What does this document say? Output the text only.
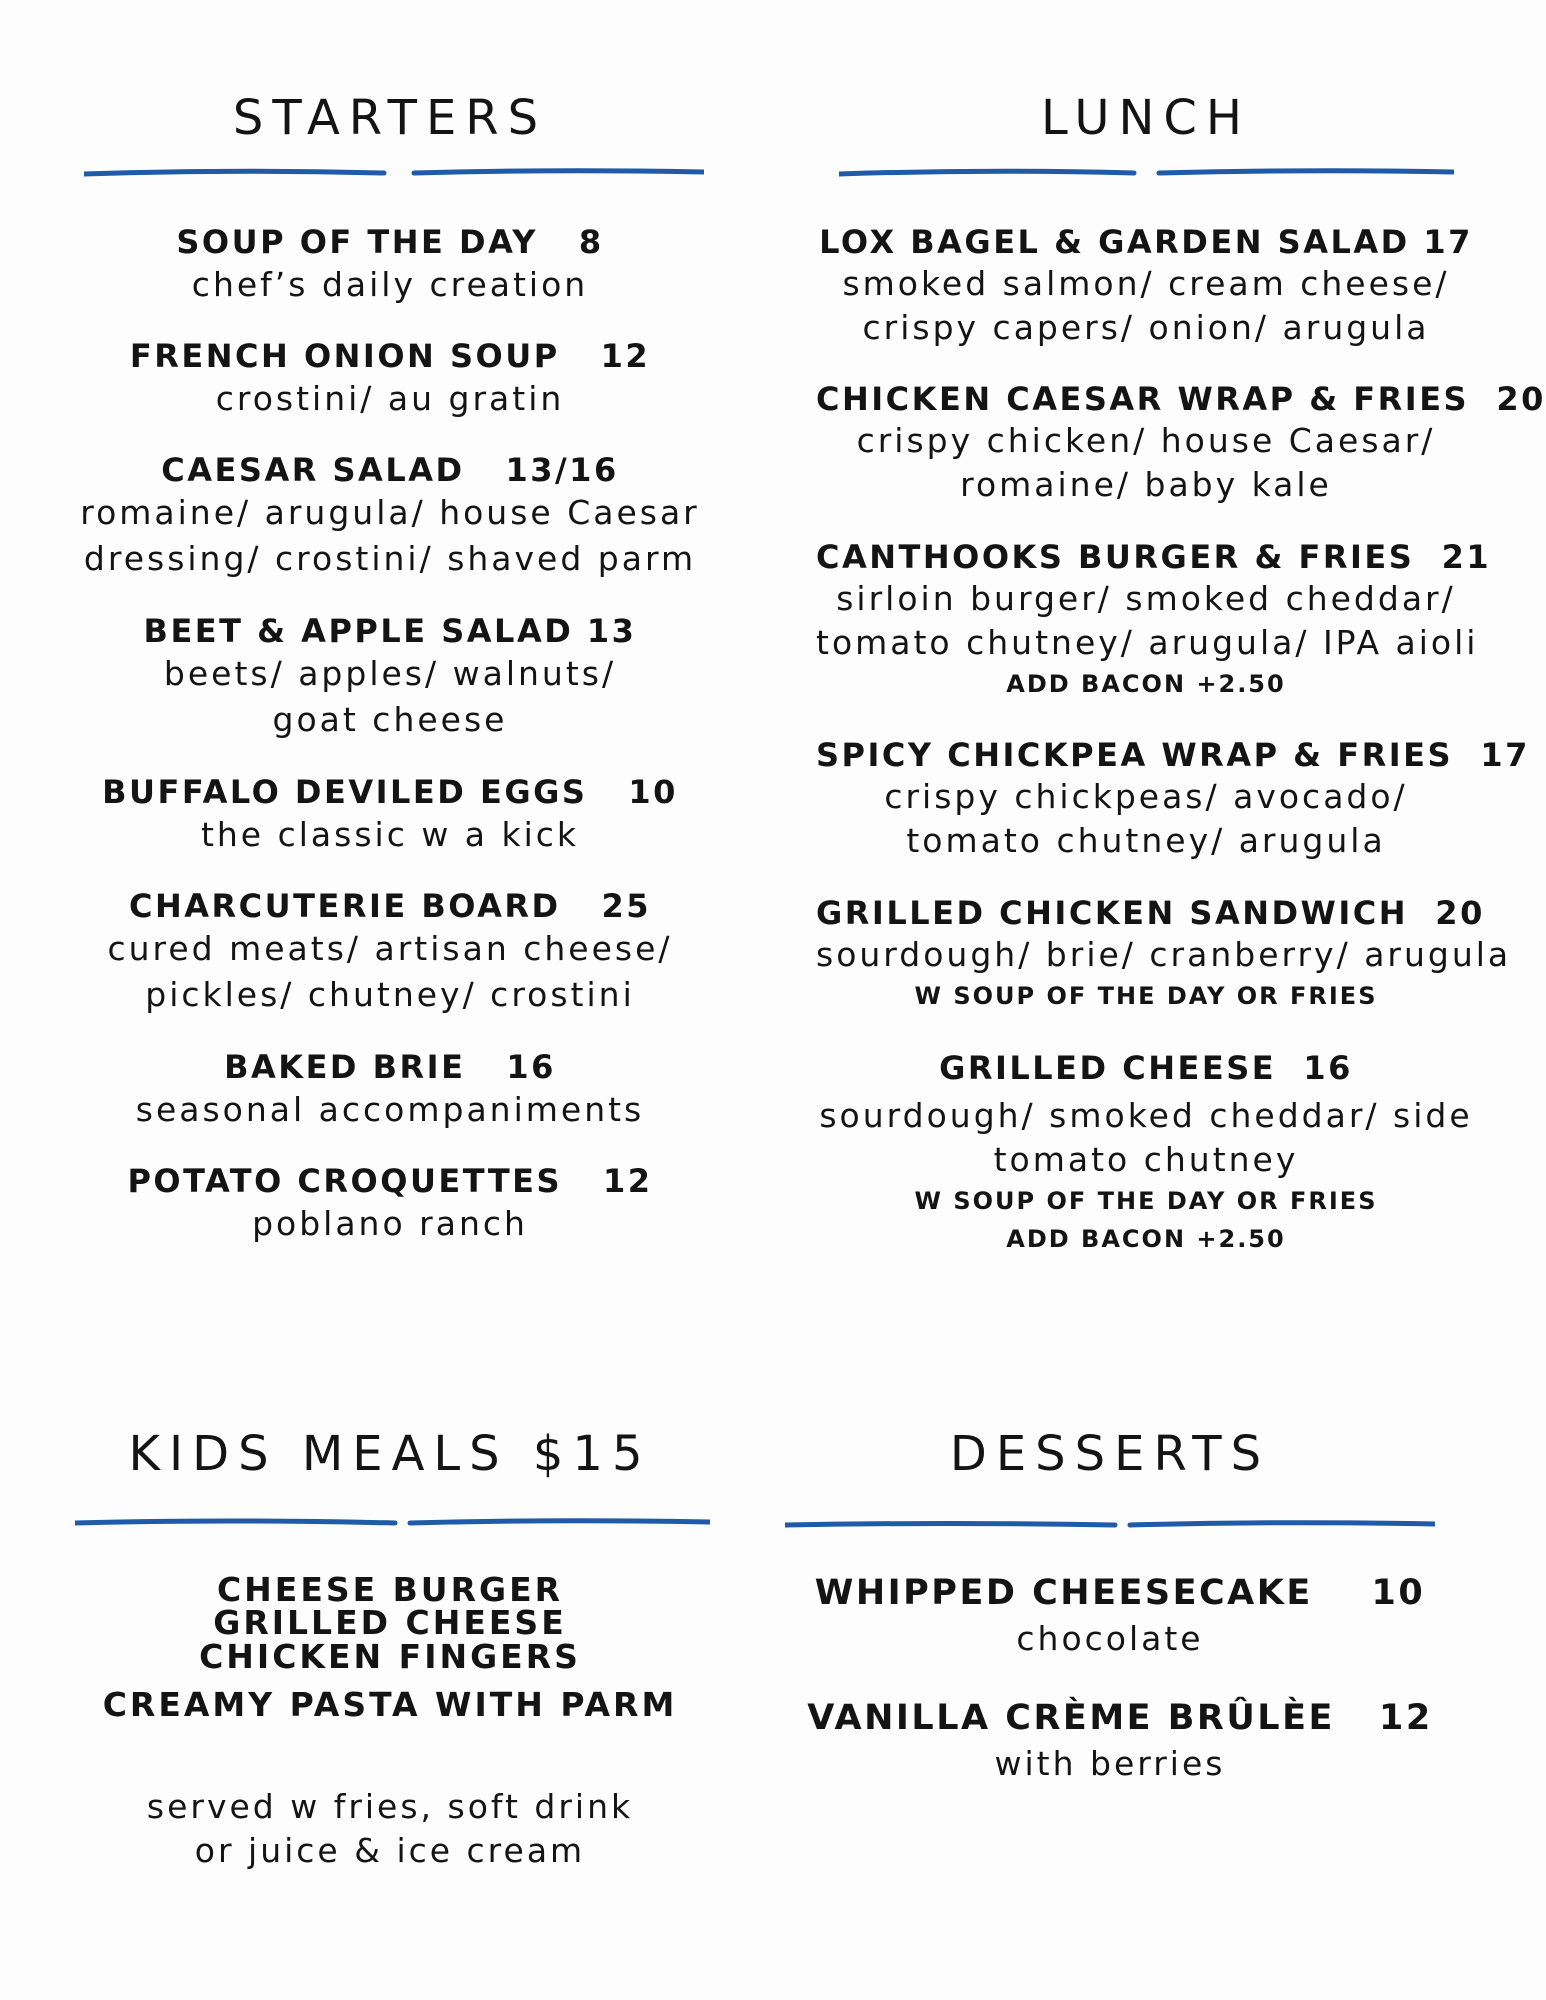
STARTERS
SOUP OF THE DAY   8
chef’s daily creation
FRENCH ONION SOUP   12
crostini/ au gratin
CAESAR SALAD   13/16
romaine/ arugula/ house Caesar
dressing/ crostini/ shaved parm
BEET & APPLE SALAD 13
beets/ apples/ walnuts/
goat cheese
BUFFALO DEVILED EGGS   10
the classic w a kick
CHARCUTERIE BOARD   25
cured meats/ artisan cheese/
pickles/ chutney/ crostini
BAKED BRIE   16
seasonal accompaniments
POTATO CROQUETTES   12
poblano ranch
LUNCH
LOX BAGEL & GARDEN SALAD 17
smoked salmon/ cream cheese/
crispy capers/ onion/ arugula
CHICKEN CAESAR WRAP & FRIES  20
crispy chicken/ house Caesar/
romaine/ baby kale
CANTHOOKS BURGER & FRIES  21
sirloin burger/ smoked cheddar/
tomato chutney/ arugula/ IPA aioli
ADD BACON +2.50
SPICY CHICKPEA WRAP & FRIES  17
crispy chickpeas/ avocado/
tomato chutney/ arugula
GRILLED CHICKEN SANDWICH  20
sourdough/ brie/ cranberry/ arugula
W SOUP OF THE DAY OR FRIES
GRILLED CHEESE  16
sourdough/ smoked cheddar/ side
tomato chutney
W SOUP OF THE DAY OR FRIES
ADD BACON +2.50
KIDS MEALS $15
CHEESE BURGER
GRILLED CHEESE
CHICKEN FINGERS
CREAMY PASTA WITH PARM
served w fries, soft drink
or juice & ice cream
DESSERTS
WHIPPED CHEESECAKE    10
chocolate
VANILLA CRÈME BRÛLÈE   12
with berries
